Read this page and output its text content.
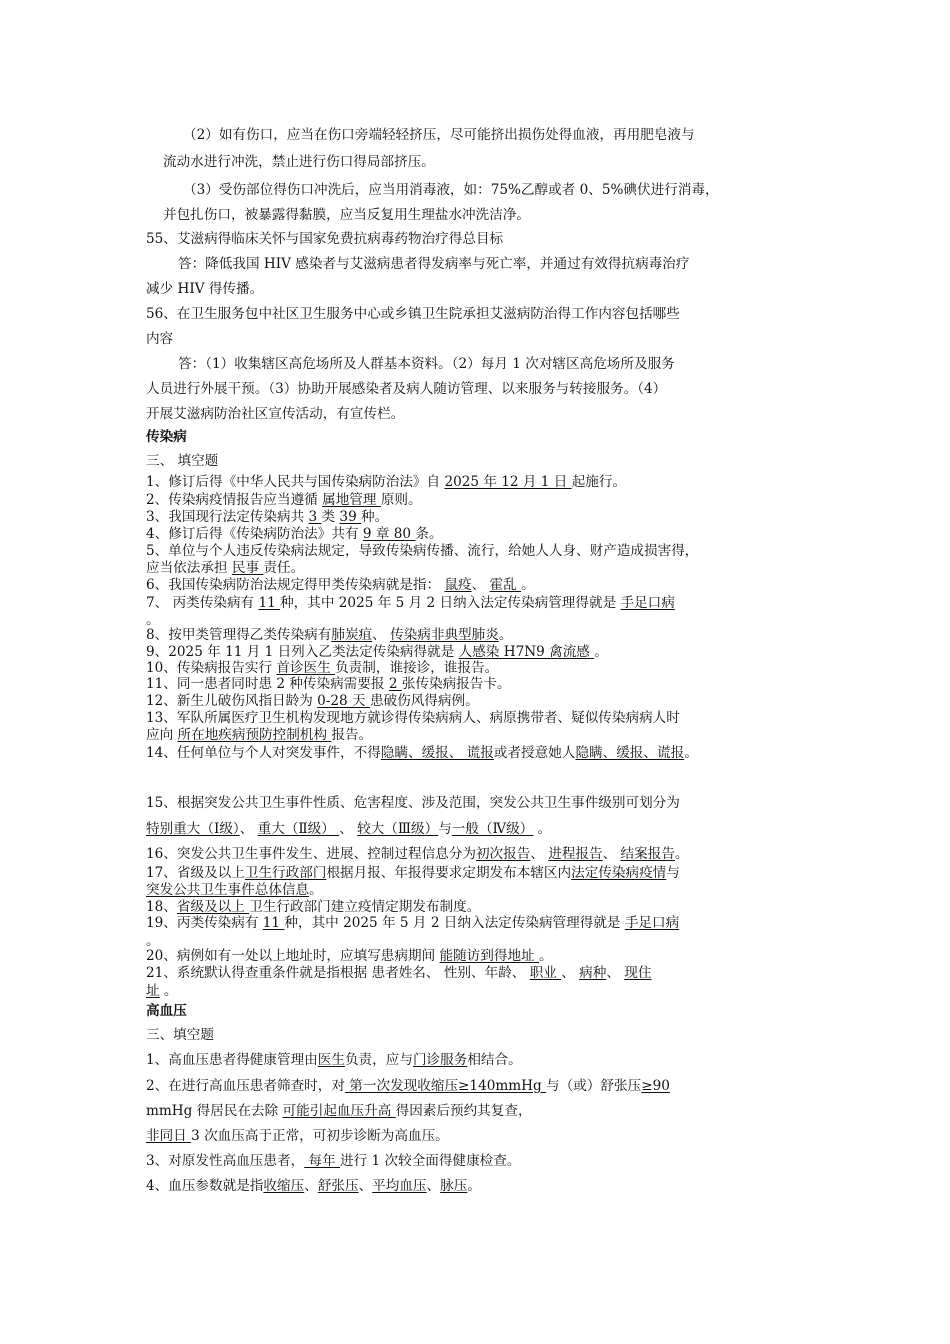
（2）如有伤口，应当在伤口旁端轻轻挤压，尽可能挤出损伤处得血液，再用肥皂液与
流动水进行冲洗，禁止进行伤口得局部挤压。
（3）受伤部位得伤口冲洗后，应当用消毒液，如：75%乙醇或者 0、5%碘伏进行消毒，
并包扎伤口，被暴露得黏膜，应当反复用生理盐水冲洗洁净。
55、艾滋病得临床关怀与国家免费抗病毒药物治疗得总目标
答：降低我国 HIV 感染者与艾滋病患者得发病率与死亡率，并通过有效得抗病毒治疗
减少 HIV 得传播。
56、在卫生服务包中社区卫生服务中心或乡镇卫生院承担艾滋病防治得工作内容包括哪些
内容
答：（1）收集辖区高危场所及人群基本资料。（2）每月 1 次对辖区高危场所及服务
人员进行外展干预。（3）协助开展感染者及病人随访管理、以来服务与转接服务。（4）
开展艾滋病防治社区宣传活动，有宣传栏。
传染病
三、 填空题
1、修订后得《中华人民共与国传染病防治法》自 2025 年 12 月 1 日 起施行。
2、传染病疫情报告应当遵循 属地管理 原则。
3、我国现行法定传染病共 3 类 39 种。
4、修订后得《传染病防治法》共有 9 章 80 条。
5、单位与个人违反传染病法规定，导致传染病传播、流行，给她人人身、财产造成损害得，
应当依法承担 民事 责任。
6、我国传染病防治法规定得甲类传染病就是指： 鼠疫、 霍乱 。
7、 丙类传染病有 11 种，其中 2025 年 5 月 2 日纳入法定传染病管理得就是 手足口病
。
8、按甲类管理得乙类传染病有肺炭疽、 传染病非典型肺炎。
9、2025 年 11 月 1 日列入乙类法定传染病得就是 人感染 H7N9 禽流感 。
10、传染病报告实行 首诊医生 负责制，谁接诊，谁报告。
11、同一患者同时患 2 种传染病需要报 2 张传染病报告卡。
12、新生儿破伤风指日龄为 0-28 天 患破伤风得病例。
13、军队所属医疗卫生机构发现地方就诊得传染病病人、病原携带者、疑似传染病病人时
应向 所在地疾病预防控制机构 报告。
14、任何单位与个人对突发事件，不得隐瞒、缓报、 谎报或者授意她人隐瞒、缓报、谎报。
15、根据突发公共卫生事件性质、危害程度、涉及范围，突发公共卫生事件级别可划分为
特别重大（Ⅰ级）、 重大（Ⅱ级） 、 较大（Ⅲ级）与一般（Ⅳ级） 。
16、突发公共卫生事件发生、进展、控制过程信息分为初次报告、 进程报告、 结案报告。
17、省级及以上卫生行政部门根据月报、年报得要求定期发布本辖区内法定传染病疫情与
突发公共卫生事件总体信息。
18、省级及以上 卫生行政部门建立疫情定期发布制度。
19、丙类传染病有 11 种，其中 2025 年 5 月 2 日纳入法定传染病管理得就是 手足口病
。
20、病例如有一处以上地址时，应填写患病期间 能随访到得地址 。
21、系统默认得查重条件就是指根据 患者姓名、 性别、年龄、 职业 、 病种、 现住
址 。
高血压
三、填空题
1、高血压患者得健康管理由医生负责，应与门诊服务相结合。
2、在进行高血压患者筛查时，对 第一次发现收缩压≥140mmHg 与（或）舒张压≥90
mmHg 得居民在去除 可能引起血压升高 得因素后预约其复查，
非同日 3 次血压高于正常，可初步诊断为高血压。
3、对原发性高血压患者， 每年 进行 1 次较全面得健康检查。
4、血压参数就是指收缩压、舒张压、平均血压、脉压。
